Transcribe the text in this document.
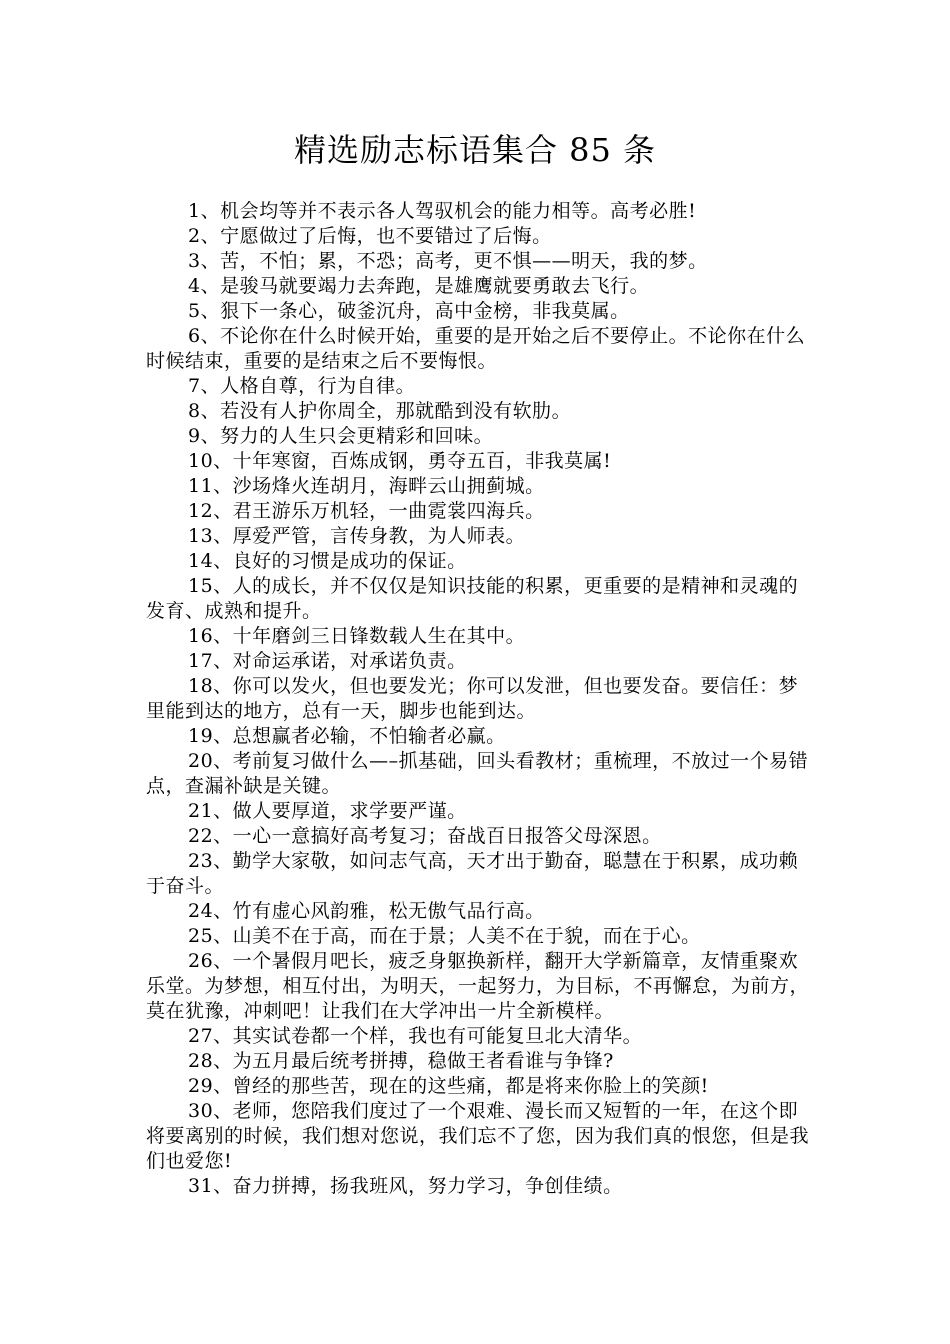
精选励志标语集合 85 条

1、机会均等并不表示各人驾驭机会的能力相等。高考必胜!

2、宁愿做过了后悔，也不要错过了后悔。

3、苦，不怕；累，不恐；高考，更不惧——明天，我的梦。

4、是骏马就要竭力去奔跑，是雄鹰就要勇敢去飞行。

5、狠下一条心，破釜沉舟，高中金榜，非我莫属。

6、不论你在什么时候开始，重要的是开始之后不要停止。不论你在什么时候结束，重要的是结束之后不要悔恨。

7、人格自尊，行为自律。

8、若没有人护你周全，那就酷到没有软肋。

9、努力的人生只会更精彩和回味。

10、十年寒窗，百炼成钢，勇夺五百，非我莫属!

11、沙场烽火连胡月，海畔云山拥蓟城。

12、君王游乐万机轻，一曲霓裳四海兵。

13、厚爱严管，言传身教，为人师表。

14、良好的习惯是成功的保证。

15、人的成长，并不仅仅是知识技能的积累，更重要的是精神和灵魂的发育、成熟和提升。

16、十年磨剑三日锋数载人生在其中。

17、对命运承诺，对承诺负责。

18、你可以发火，但也要发光；你可以发泄，但也要发奋。要信任：梦里能到达的地方，总有一天，脚步也能到达。

19、总想赢者必输，不怕输者必赢。

20、考前复习做什么—–抓基础，回头看教材；重梳理，不放过一个易错点，查漏补缺是关键。

21、做人要厚道，求学要严谨。

22、一心一意搞好高考复习；奋战百日报答父母深恩。

23、勤学大家敬，如问志气高，天才出于勤奋，聪慧在于积累，成功赖于奋斗。

24、竹有虚心风韵雅，松无傲气品行高。

25、山美不在于高，而在于景；人美不在于貌，而在于心。

26、一个暑假月吧长，疲乏身躯换新样，翻开大学新篇章，友情重聚欢乐堂。为梦想，相互付出，为明天，一起努力，为目标，不再懈怠，为前方，莫在犹豫，冲刺吧！让我们在大学冲出一片全新模样。

27、其实试卷都一个样，我也有可能复旦北大清华。

28、为五月最后统考拼搏，稳做王者看谁与争锋?

29、曾经的那些苦，现在的这些痛，都是将来你脸上的笑颜!

30、老师，您陪我们度过了一个艰难、漫长而又短暂的一年，在这个即将要离别的时候，我们想对您说，我们忘不了您，因为我们真的恨您，但是我们也爱您!

31、奋力拼搏，扬我班风，努力学习，争创佳绩。
